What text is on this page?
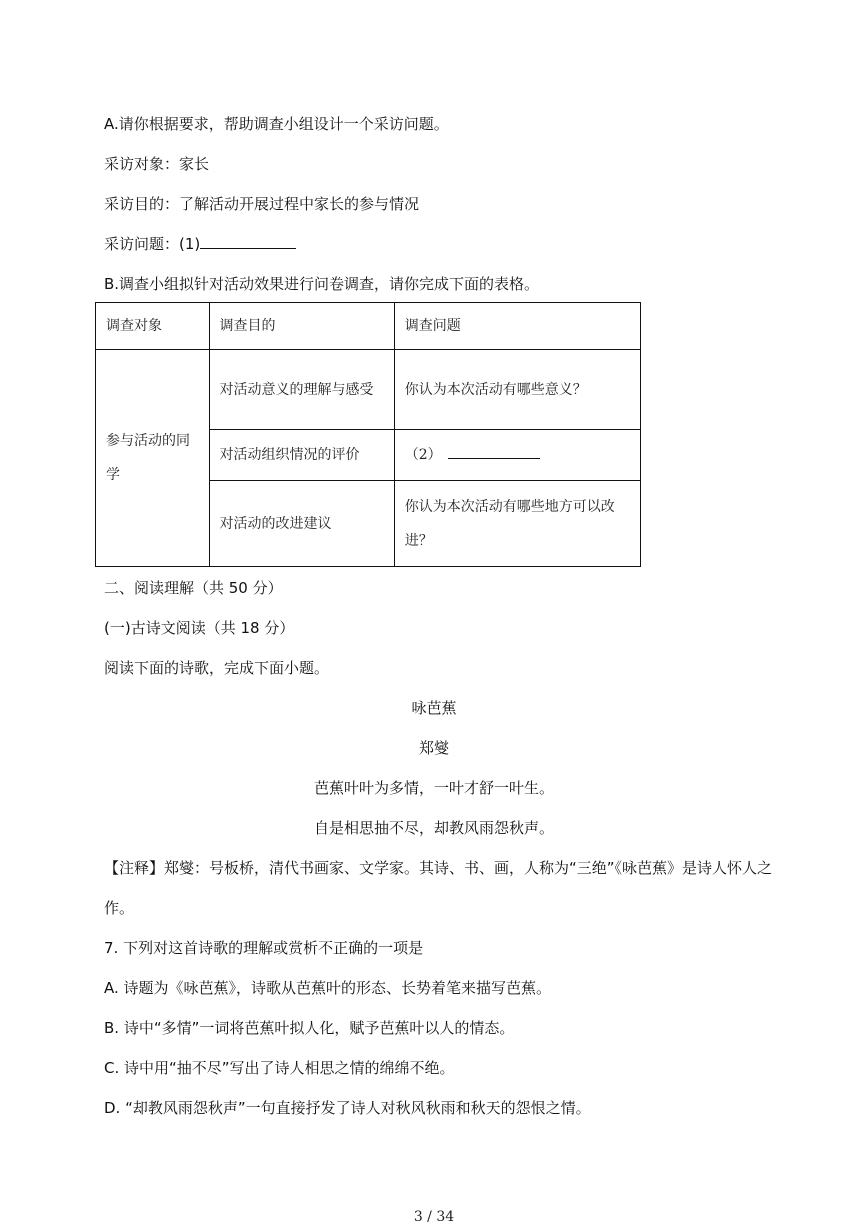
A.请你根据要求，帮助调查小组设计一个采访问题。
采访对象：家长
采访目的：了解活动开展过程中家长的参与情况
采访问题：(1)
B.调查小组拟针对活动效果进行问卷调查，请你完成下面的表格。
调查对象	调查目的	调查问题
参与活动的同学	对活动意义的理解与感受	你认为本次活动有哪些意义？
	对活动组织情况的评价	（2）
	对活动的改进建议	你认为本次活动有哪些地方可以改进？
二、阅读理解（共 50 分）
(一)古诗文阅读（共 18 分）
阅读下面的诗歌，完成下面小题。
咏芭蕉
郑燮
芭蕉叶叶为多情，一叶才舒一叶生。
自是相思抽不尽，却教风雨怨秋声。
【注释】郑燮：号板桥，清代书画家、文学家。其诗、书、画，人称为“三绝”《咏芭蕉》是诗人怀人之
作。
7. 下列对这首诗歌的理解或赏析不正确的一项是
A. 诗题为《咏芭蕉》，诗歌从芭蕉叶的形态、长势着笔来描写芭蕉。
B. 诗中“多情”一词将芭蕉叶拟人化，赋予芭蕉叶以人的情态。
C. 诗中用“抽不尽”写出了诗人相思之情的绵绵不绝。
D. “却教风雨怨秋声”一句直接抒发了诗人对秋风秋雨和秋天的怨恨之情。
3 / 34
